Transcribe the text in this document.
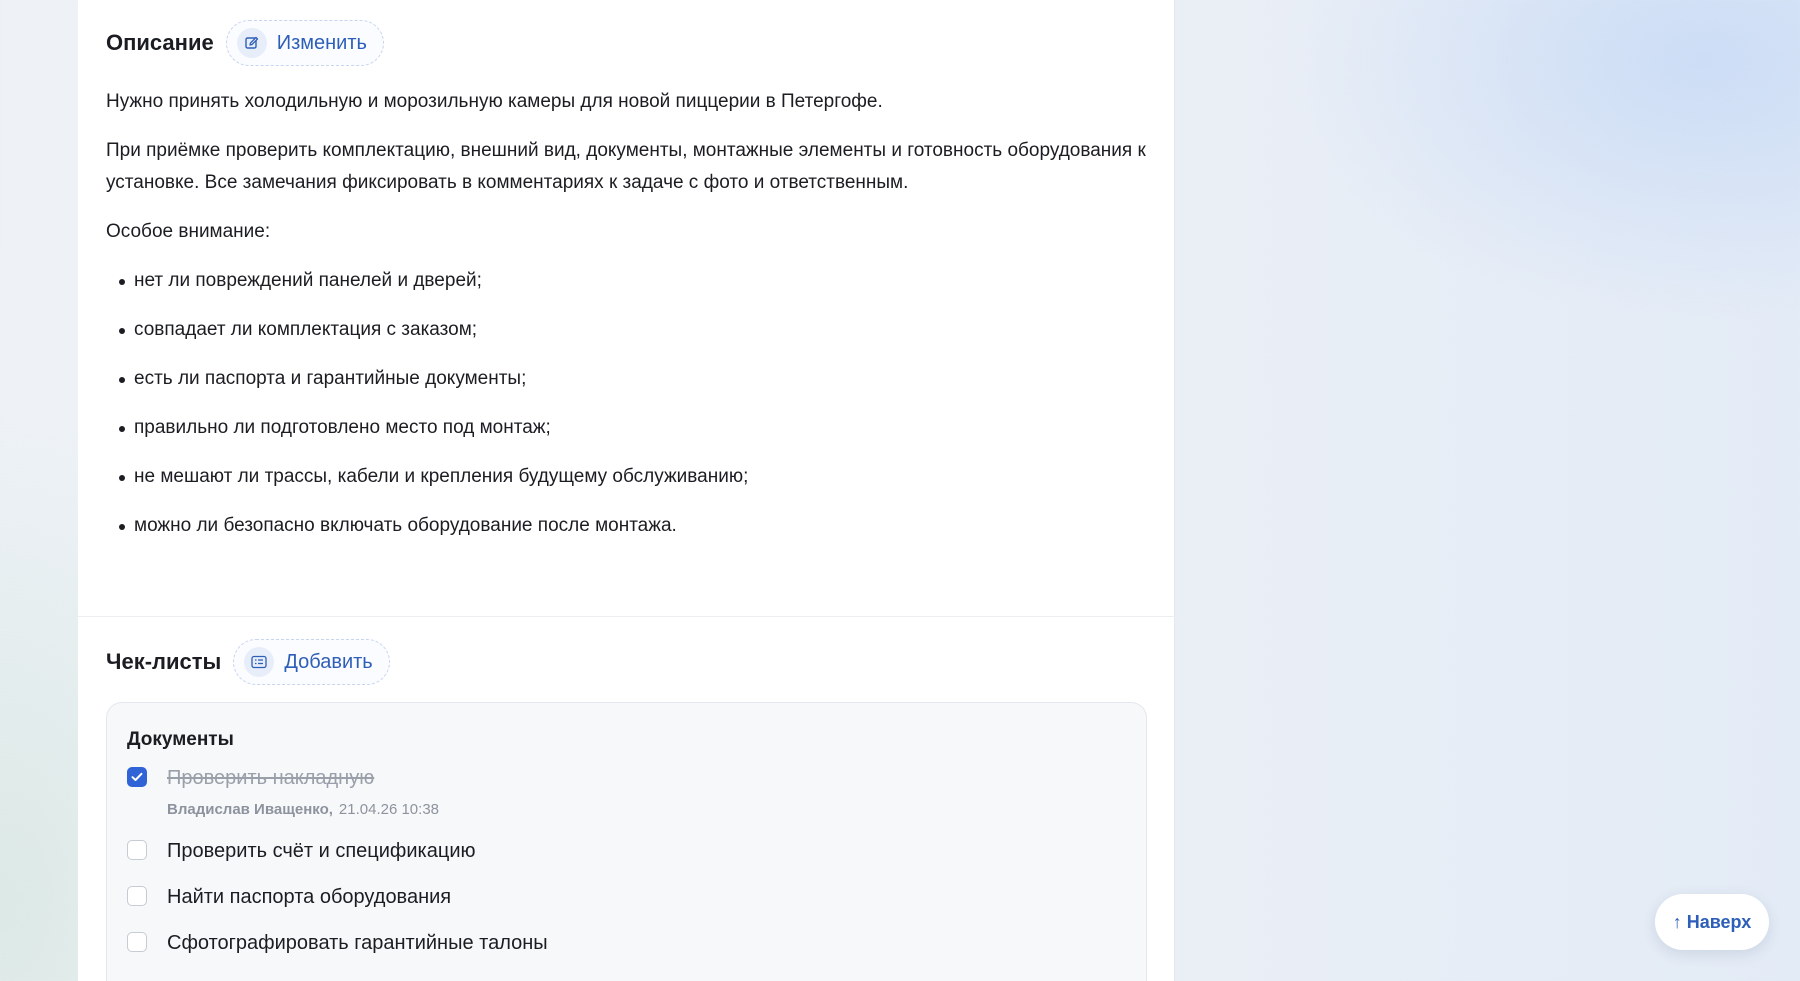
Описание	Изменить

Нужно принять холодильную и морозильную камеры для новой пиццерии в Петергофе.

При приёмке проверить комплектацию, внешний вид, документы, монтажные элементы и готовность оборудования к установке. Все замечания фиксировать в комментариях к задаче с фото и ответственным.

Особое внимание:

нет ли повреждений панелей и дверей;
совпадает ли комплектация с заказом;
есть ли паспорта и гарантийные документы;
правильно ли подготовлено место под монтаж;
не мешают ли трассы, кабели и крепления будущему обслуживанию;
можно ли безопасно включать оборудование после монтажа.
Чек-листы	Добавить
Документы
Проверить накладную
Владислав Иващенко, 21.04.26 10:38
Проверить счёт и спецификацию
Найти паспорта оборудования
Сфотографировать гарантийные талоны
↑ Наверх
